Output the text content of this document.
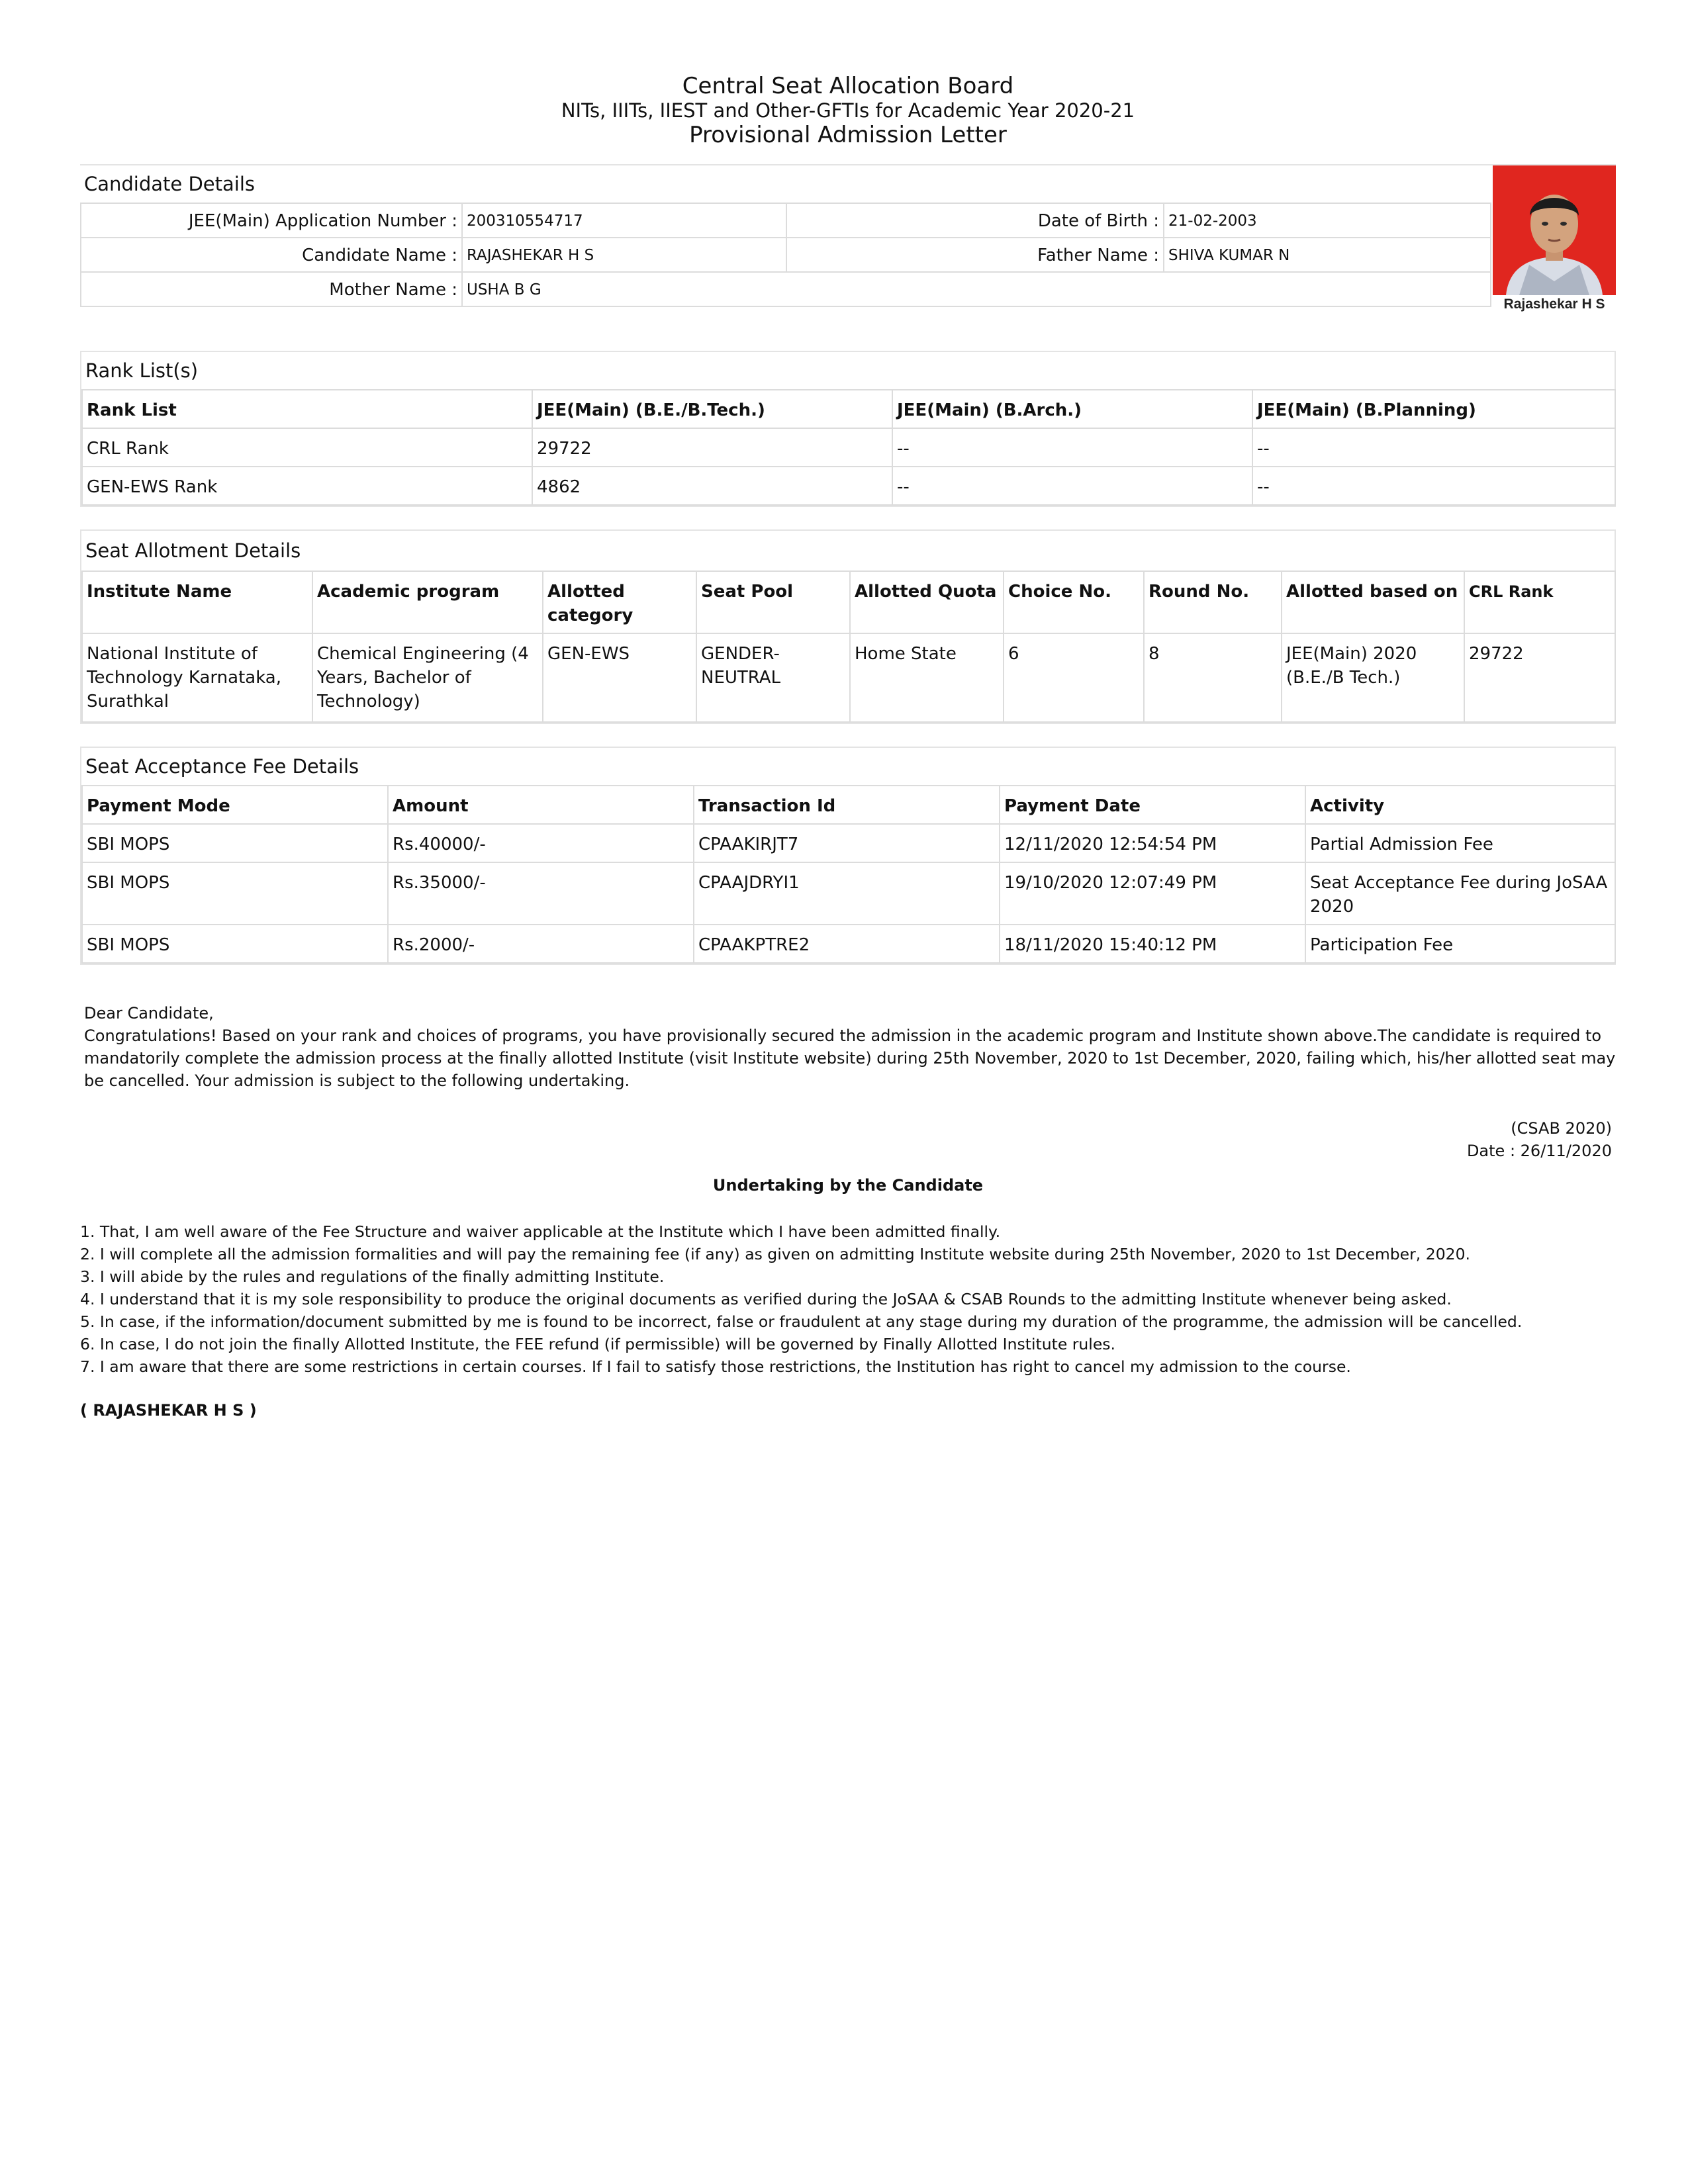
Central Seat Allocation Board
NITs, IIITs, IIEST and Other-GFTIs for Academic Year 2020-21
Provisional Admission Letter
Candidate Details
JEE(Main) Application Number :	200310554717	Date of Birth :	21-02-2003
Candidate Name :	RAJASHEKAR H S	Father Name :	SHIVA KUMAR N
Mother Name :	USHA B G		
Rajashekar H S
Rank List(s)
Rank List	JEE(Main) (B.E./B.Tech.)	JEE(Main) (B.Arch.)	JEE(Main) (B.Planning)
CRL Rank	29722	--	--
GEN-EWS Rank	4862	--	--
Seat Allotment Details
Institute Name	Academic program	Allotted category	Seat Pool	Allotted Quota	Choice No.	Round No.	Allotted based on	CRL Rank
National Institute of Technology Karnataka, Surathkal	Chemical Engineering (4 Years, Bachelor of Technology)	GEN-EWS	GENDER-NEUTRAL	Home State	6	8	JEE(Main) 2020 (B.E./B Tech.)	29722
Seat Acceptance Fee Details
Payment Mode	Amount	Transaction Id	Payment Date	Activity
SBI MOPS	Rs.40000/-	CPAAKIRJT7	12/11/2020 12:54:54 PM	Partial Admission Fee
SBI MOPS	Rs.35000/-	CPAAJDRYI1	19/10/2020 12:07:49 PM	Seat Acceptance Fee during JoSAA 2020
SBI MOPS	Rs.2000/-	CPAAKPTRE2	18/11/2020 15:40:12 PM	Participation Fee

Dear Candidate,

Congratulations! Based on your rank and choices of programs, you have provisionally secured the admission in the academic program and Institute shown above.The candidate is required to mandatorily complete the admission process at the finally allotted Institute (visit Institute website) during 25th November, 2020 to 1st December, 2020, failing which, his/her allotted seat may be cancelled. Your admission is subject to the following undertaking.

(CSAB 2020)
Date : 26/11/2020
Undertaking by the Candidate
1. That, I am well aware of the Fee Structure and waiver applicable at the Institute which I have been admitted finally.
2. I will complete all the admission formalities and will pay the remaining fee (if any) as given on admitting Institute website during 25th November, 2020 to 1st December, 2020.
3. I will abide by the rules and regulations of the finally admitting Institute.
4. I understand that it is my sole responsibility to produce the original documents as verified during the JoSAA & CSAB Rounds to the admitting Institute whenever being asked.
5. In case, if the information/document submitted by me is found to be incorrect, false or fraudulent at any stage during my duration of the programme, the admission will be cancelled.
6. In case, I do not join the finally Allotted Institute, the FEE refund (if permissible) will be governed by Finally Allotted Institute rules.
7. I am aware that there are some restrictions in certain courses. If I fail to satisfy those restrictions, the Institution has right to cancel my admission to the course.
( RAJASHEKAR H S )
